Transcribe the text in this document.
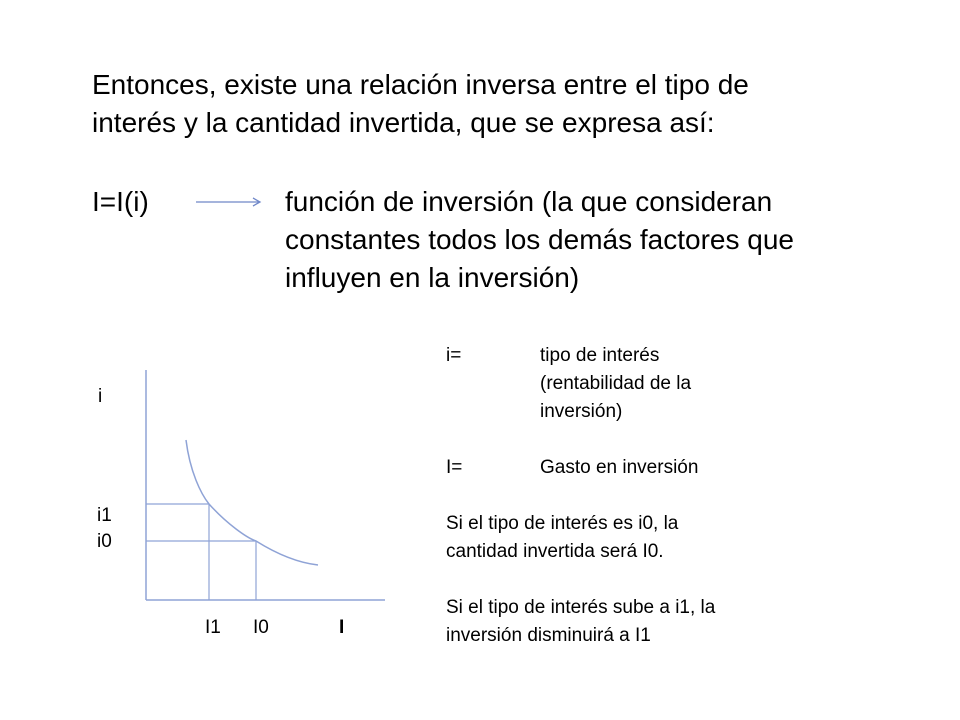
Entonces, existe una relación inversa entre el tipo de
interés y la cantidad invertida, que se expresa así:

I=I(i)	función de inversión (la que consideran
constantes todos los demás factores que
influyen en la inversión)

i
i1
i0
I1 I0	I
i=	tipo de interés
(rentabilidad de la
inversión)
I=	Gasto en inversión

Si el tipo de interés es i0, la
cantidad invertida será I0.

Si el tipo de interés sube a i1, la
inversión disminuirá a I1
